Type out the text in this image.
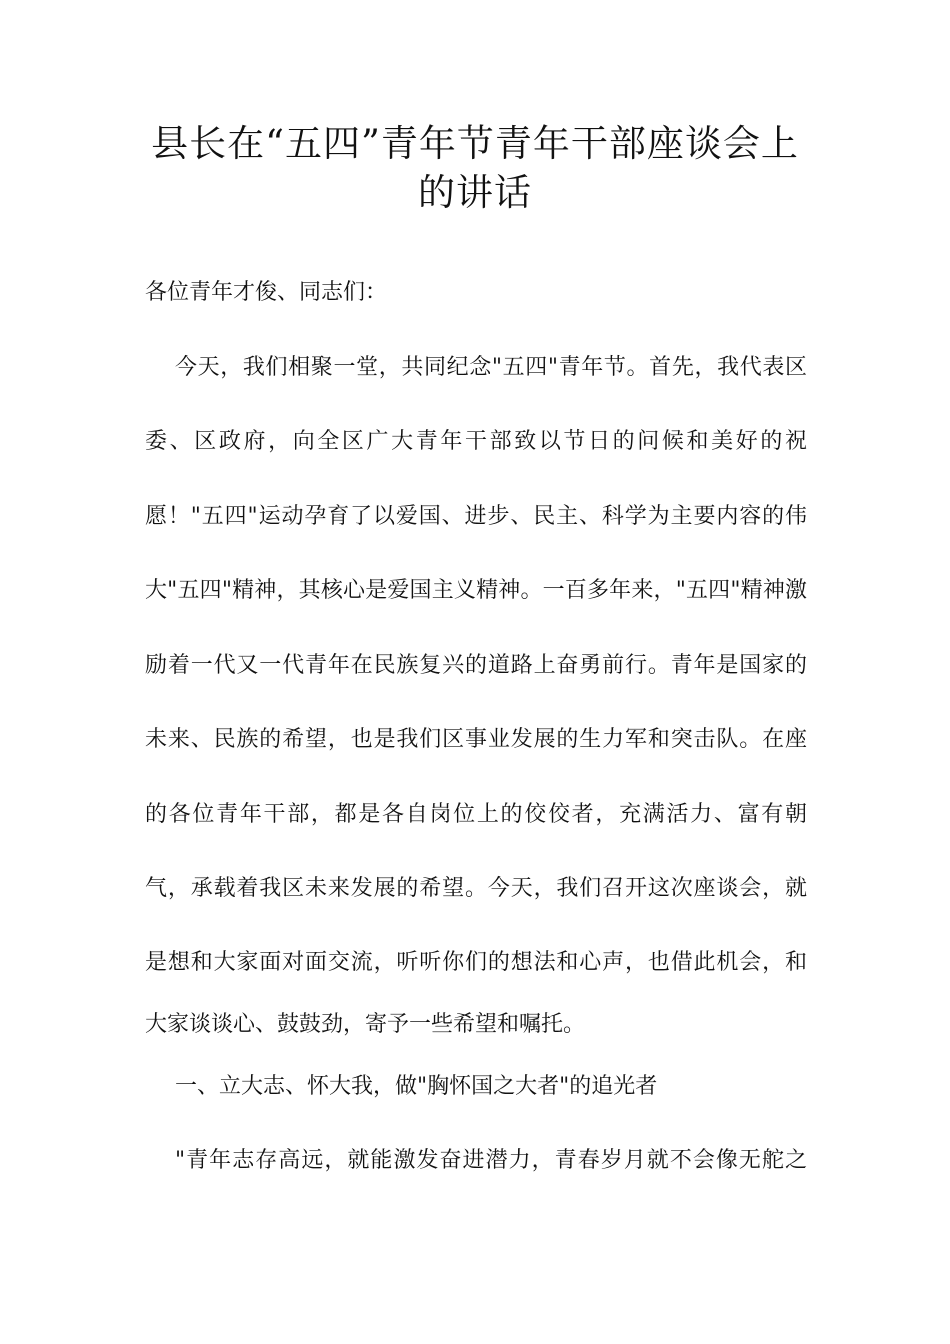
县长在“五四”青年节青年干部座谈会上
的讲话
各位青年才俊、同志们：
今天，我们相聚一堂，共同纪念"五四"青年节。首先，我代表区
委、区政府，向全区广大青年干部致以节日的问候和美好的祝
愿！"五四"运动孕育了以爱国、进步、民主、科学为主要内容的伟
大"五四"精神，其核心是爱国主义精神。一百多年来，"五四"精神激
励着一代又一代青年在民族复兴的道路上奋勇前行。青年是国家的
未来、民族的希望，也是我们区事业发展的生力军和突击队。在座
的各位青年干部，都是各自岗位上的佼佼者，充满活力、富有朝
气，承载着我区未来发展的希望。今天，我们召开这次座谈会，就
是想和大家面对面交流，听听你们的想法和心声，也借此机会，和
大家谈谈心、鼓鼓劲，寄予一些希望和嘱托。
一、立大志、怀大我，做"胸怀国之大者"的追光者
"青年志存高远，就能激发奋进潜力，青春岁月就不会像无舵之
